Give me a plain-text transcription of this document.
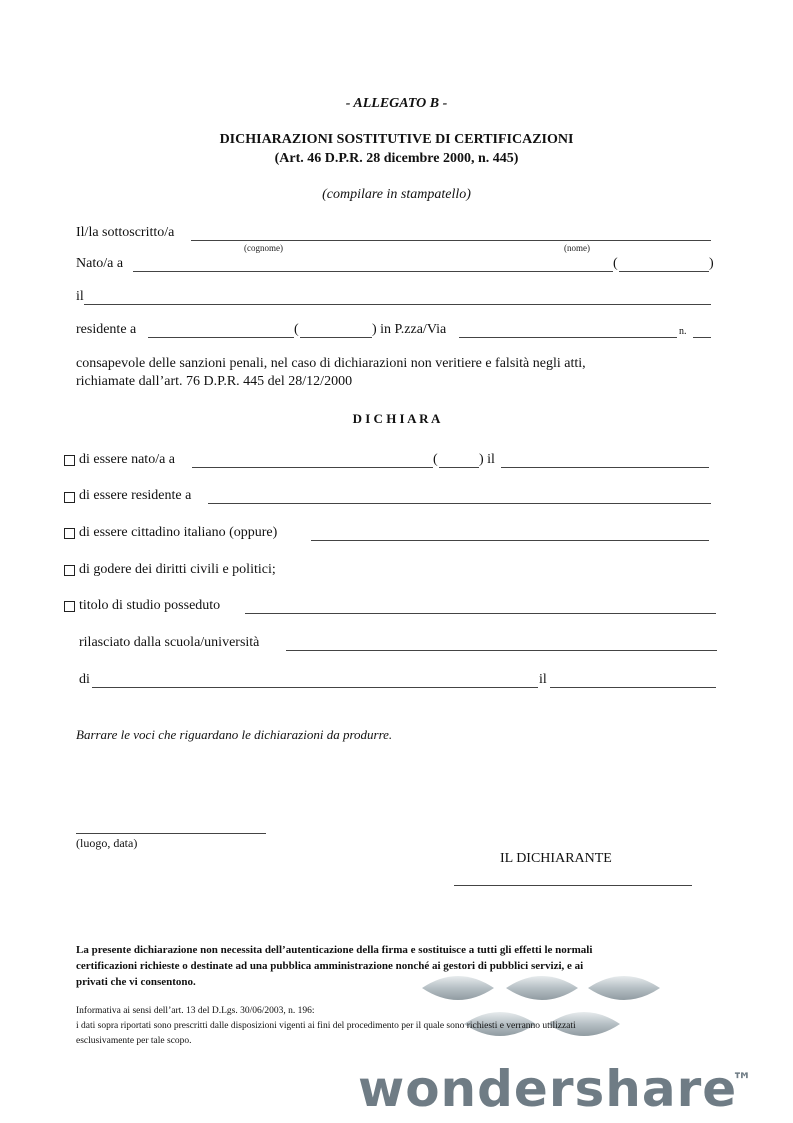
- ALLEGATO B -
DICHIARAZIONI SOSTITUTIVE DI CERTIFICAZIONI
(Art. 46 D.P.R. 28 dicembre 2000, n. 445)
(compilare in stampatello)
Il/la sottoscritto/a
(cognome)	(nome)
Nato/a a	(	)
il
residente a	(	) in P.zza/Via	n.
consapevole delle sanzioni penali, nel caso di dichiarazioni non veritiere e falsità negli atti,
richiamate dall’art. 76 D.P.R. 445 del 28/12/2000
D I C H I A R A
di essere nato/a a	(	) il
di essere residente a
di essere cittadino italiano (oppure)
di godere dei diritti civili e politici;
titolo di studio posseduto
rilasciato dalla scuola/università
di	il
Barrare le voci che riguardano le dichiarazioni da produrre.
(luogo, data)
IL DICHIARANTE
La presente dichiarazione non necessita dell’autenticazione della firma e sostituisce a tutti gli effetti le normali
certificazioni richieste o destinate ad una pubblica amministrazione nonché ai gestori di pubblici servizi, e ai
privati che vi consentono.
Informativa ai sensi dell’art. 13 del D.Lgs. 30/06/2003, n. 196:
i dati sopra riportati sono prescritti dalle disposizioni vigenti ai fini del procedimento per il quale sono richiesti e verranno utilizzati
esclusivamente per tale scopo.
wondershare
™
